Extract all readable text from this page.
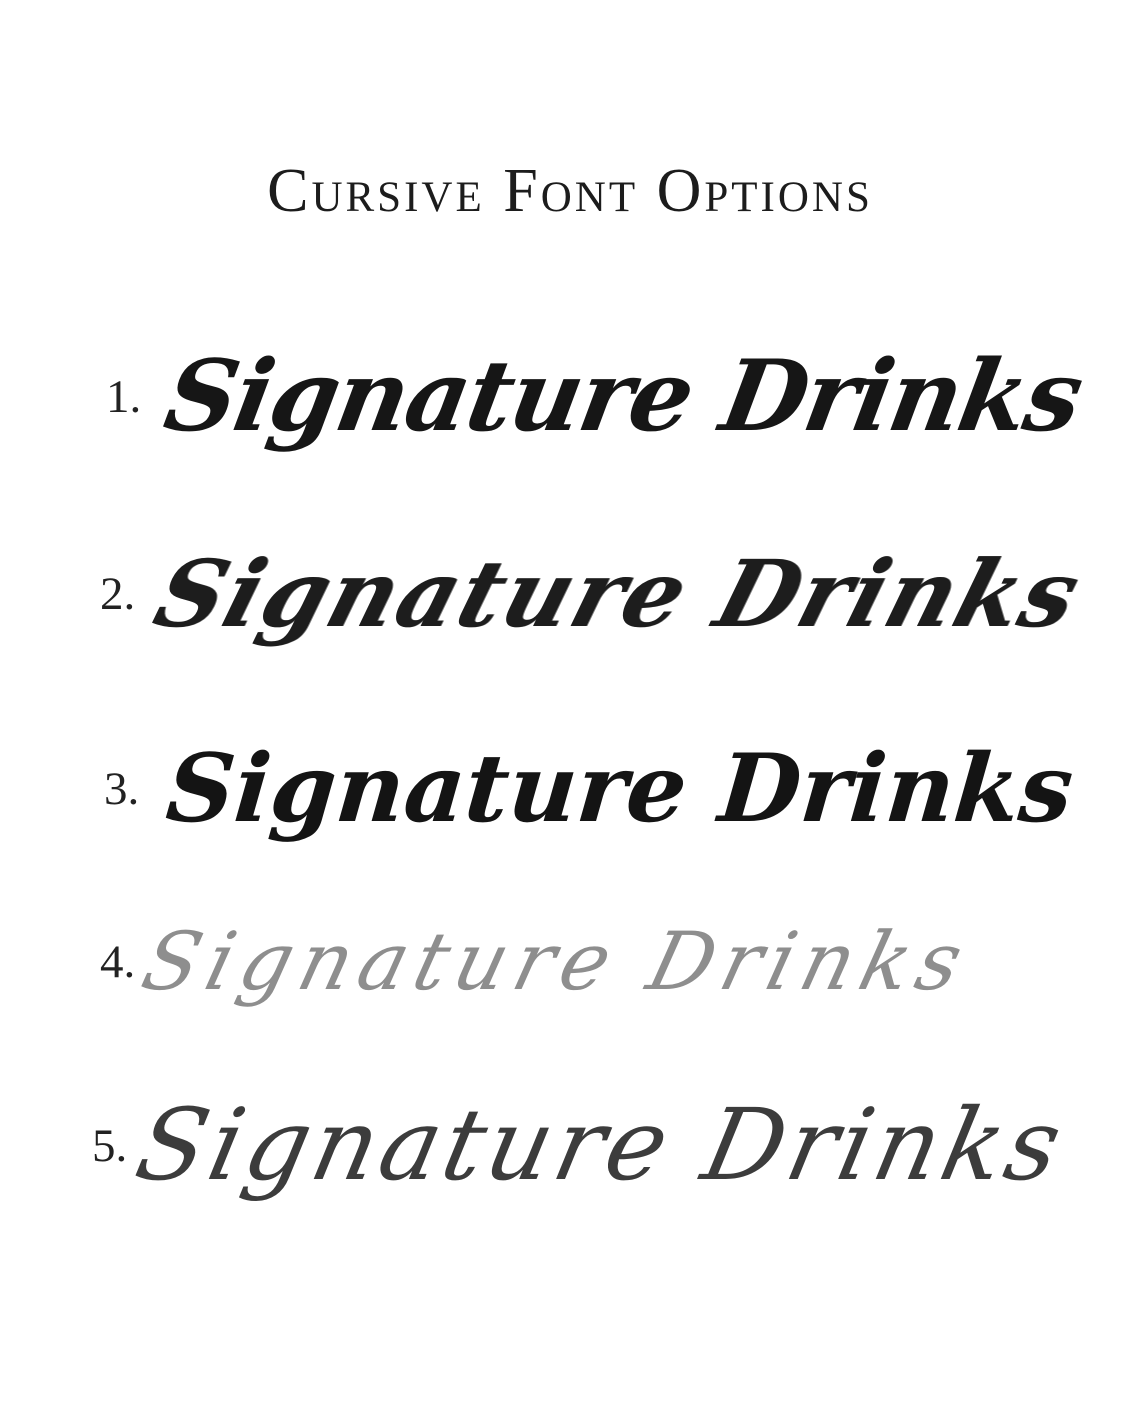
Cursive Font Options
1. Signature Drinks
2. Signature Drinks
3. Signature Drinks
4.
Signature Drinks
5. Signature Drinks
